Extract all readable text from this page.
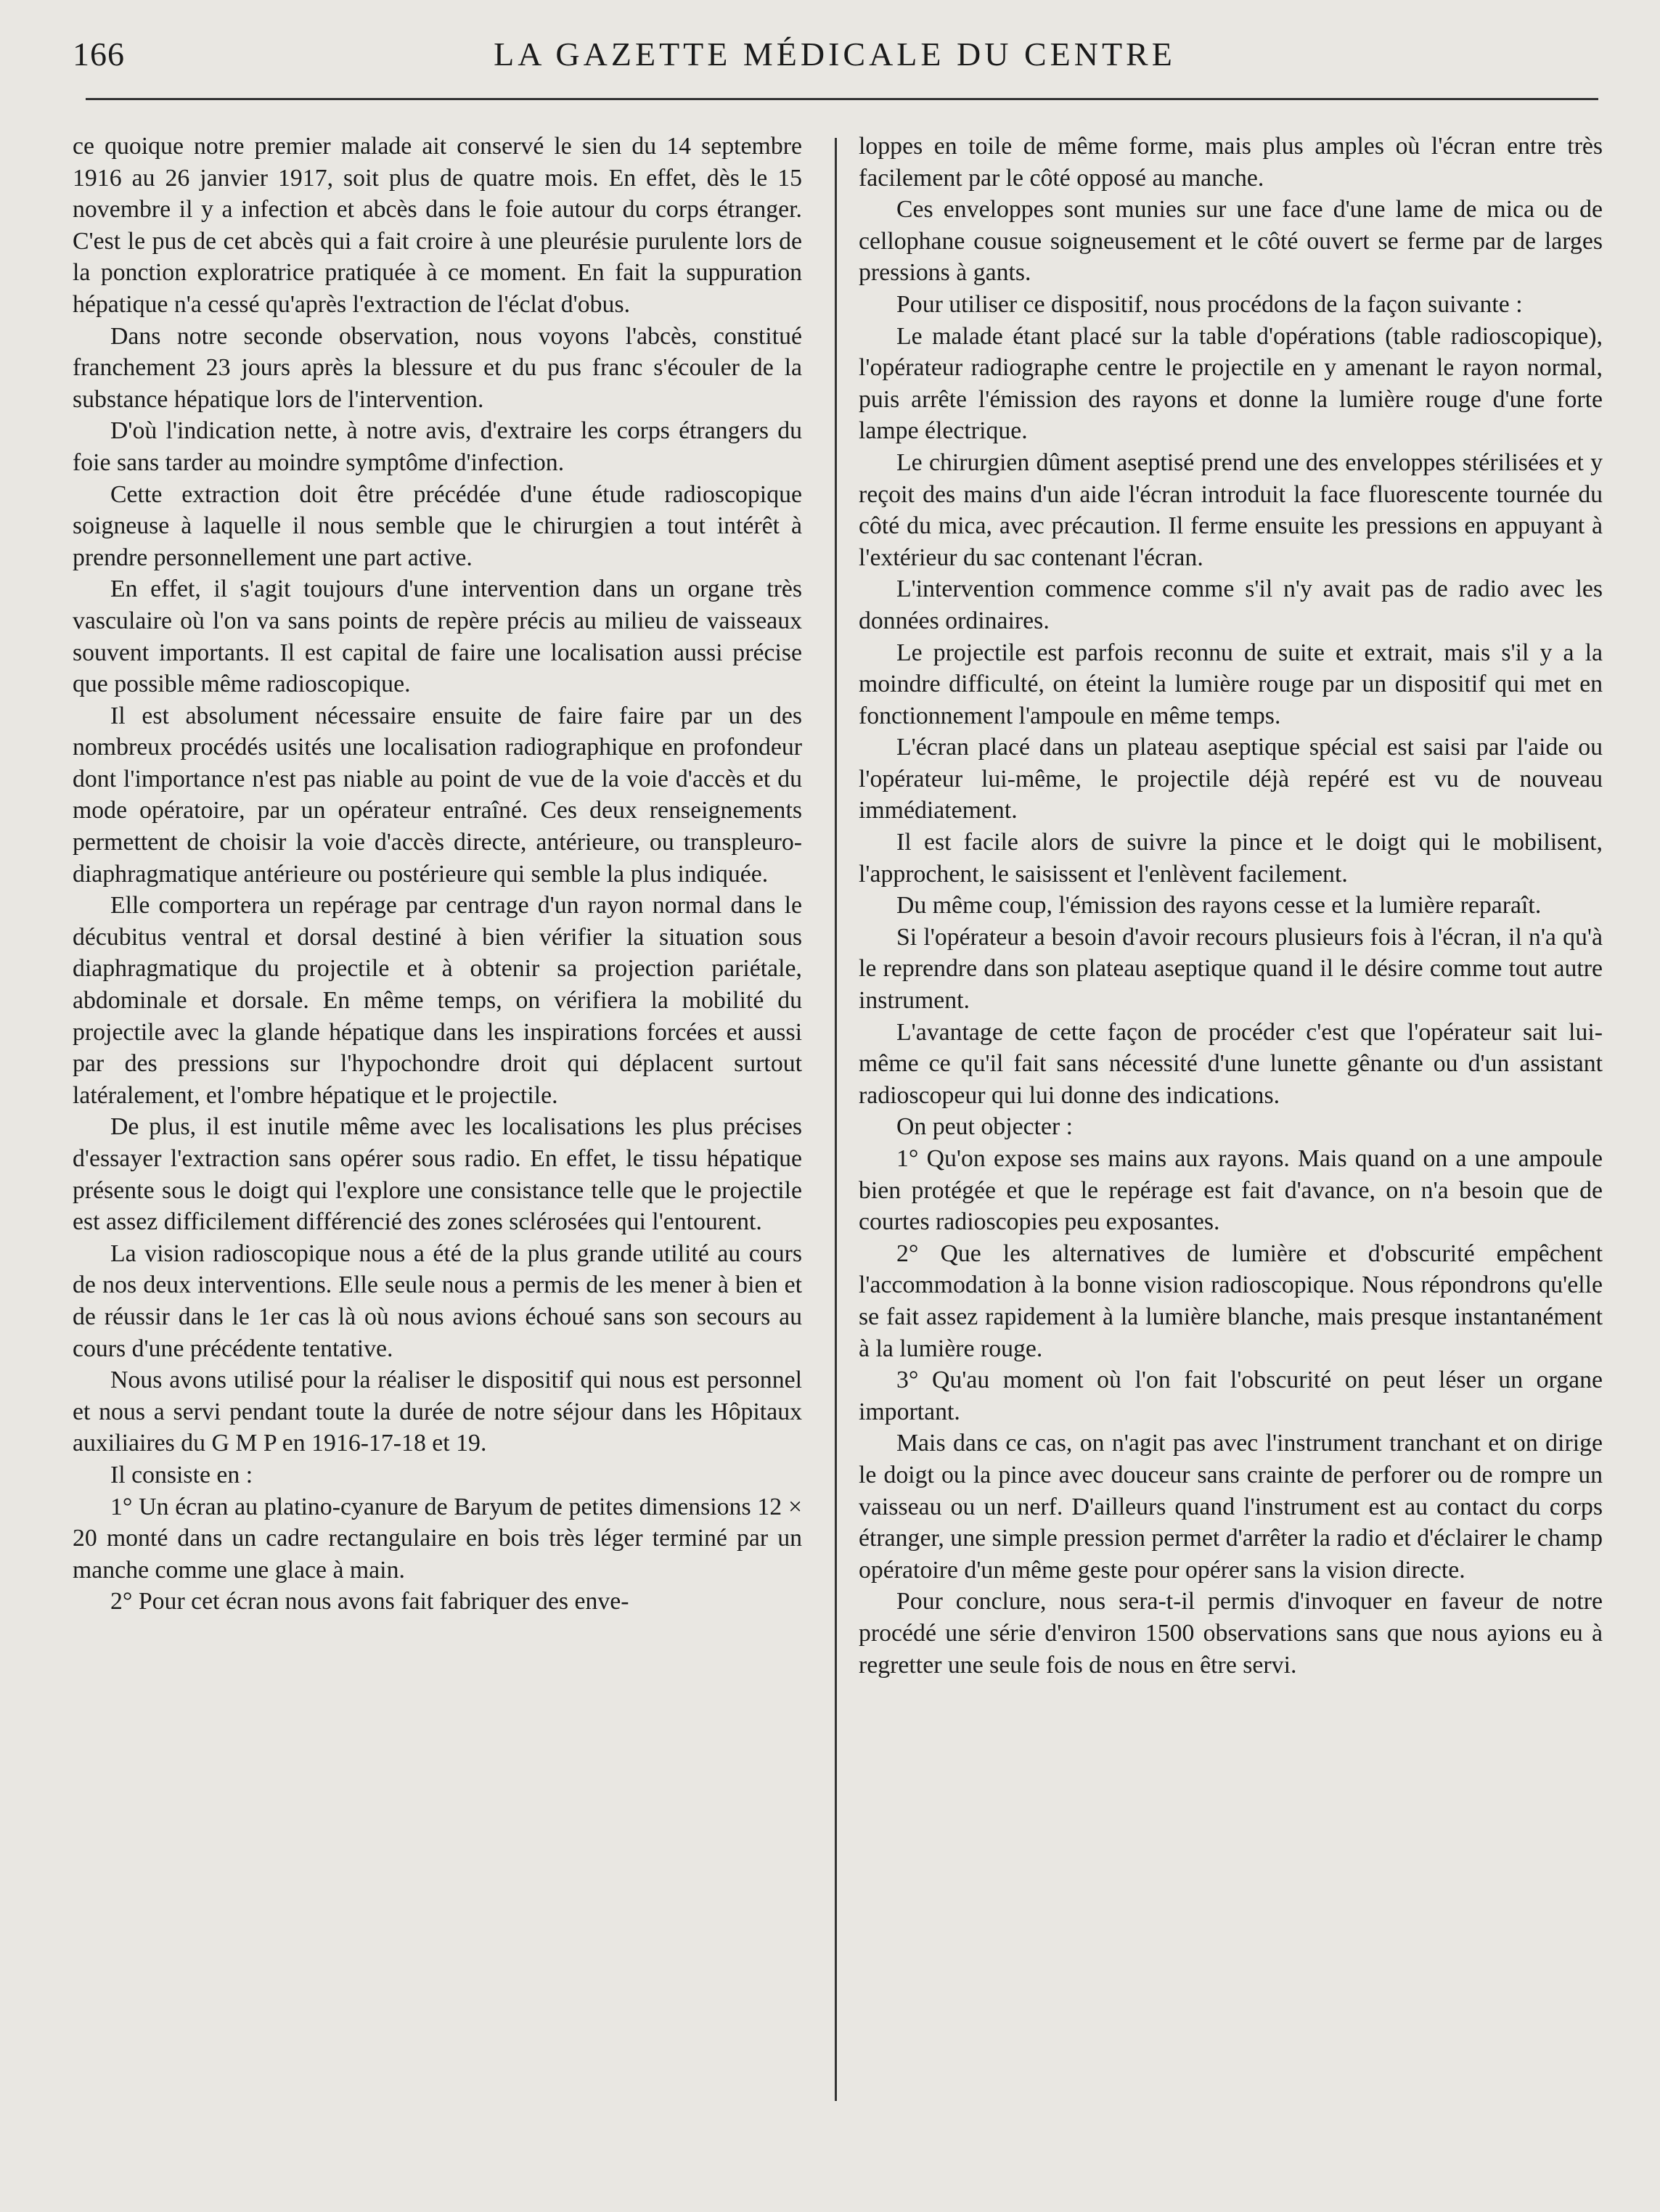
166	LA GAZETTE MÉDICALE DU CENTRE

ce quoique notre premier malade ait conservé le sien du 14 septembre 1916 au 26 janvier 1917, soit plus de quatre mois. En effet, dès le 15 novembre il y a infection et abcès dans le foie autour du corps étranger. C'est le pus de cet abcès qui a fait croire à une pleurésie purulente lors de la ponction exploratrice pratiquée à ce moment. En fait la suppuration hépatique n'a cessé qu'après l'extraction de l'éclat d'obus.

Dans notre seconde observation, nous voyons l'abcès, constitué franchement 23 jours après la blessure et du pus franc s'écouler de la substance hépatique lors de l'intervention.

D'où l'indication nette, à notre avis, d'extraire les corps étrangers du foie sans tarder au moindre symptôme d'infection.

Cette extraction doit être précédée d'une étude radioscopique soigneuse à laquelle il nous semble que le chirurgien a tout intérêt à prendre personnellement une part active.

En effet, il s'agit toujours d'une intervention dans un organe très vasculaire où l'on va sans points de repère précis au milieu de vaisseaux souvent importants. Il est capital de faire une localisation aussi précise que possible même radioscopique.

Il est absolument nécessaire ensuite de faire faire par un des nombreux procédés usités une localisation radiographique en profondeur dont l'importance n'est pas niable au point de vue de la voie d'accès et du mode opératoire, par un opérateur entraîné. Ces deux renseignements permettent de choisir la voie d'accès directe, antérieure, ou transpleuro-diaphragmatique antérieure ou postérieure qui semble la plus indiquée.

Elle comportera un repérage par centrage d'un rayon normal dans le décubitus ventral et dorsal destiné à bien vérifier la situation sous diaphragmatique du projectile et à obtenir sa projection pariétale, abdominale et dorsale. En même temps, on vérifiera la mobilité du projectile avec la glande hépatique dans les inspirations forcées et aussi par des pressions sur l'hypochondre droit qui déplacent surtout latéralement, et l'ombre hépatique et le projectile.

De plus, il est inutile même avec les localisations les plus précises d'essayer l'extraction sans opérer sous radio. En effet, le tissu hépatique présente sous le doigt qui l'explore une consistance telle que le projectile est assez difficilement différencié des zones sclérosées qui l'entourent.

La vision radioscopique nous a été de la plus grande utilité au cours de nos deux interventions. Elle seule nous a permis de les mener à bien et de réussir dans le 1er cas là où nous avions échoué sans son secours au cours d'une précédente tentative.

Nous avons utilisé pour la réaliser le dispositif qui nous est personnel et nous a servi pendant toute la durée de notre séjour dans les Hôpitaux auxiliaires du G M P en 1916-17-18 et 19.

Il consiste en :

1° Un écran au platino-cyanure de Baryum de petites dimensions 12 × 20 monté dans un cadre rectangulaire en bois très léger terminé par un manche comme une glace à main.

2° Pour cet écran nous avons fait fabriquer des enve-

loppes en toile de même forme, mais plus amples où l'écran entre très facilement par le côté opposé au manche.

Ces enveloppes sont munies sur une face d'une lame de mica ou de cellophane cousue soigneusement et le côté ouvert se ferme par de larges pressions à gants.

Pour utiliser ce dispositif, nous procédons de la façon suivante :

Le malade étant placé sur la table d'opérations (table radioscopique), l'opérateur radiographe centre le projectile en y amenant le rayon normal, puis arrête l'émission des rayons et donne la lumière rouge d'une forte lampe électrique.

Le chirurgien dûment aseptisé prend une des enveloppes stérilisées et y reçoit des mains d'un aide l'écran introduit la face fluorescente tournée du côté du mica, avec précaution. Il ferme ensuite les pressions en appuyant à l'extérieur du sac contenant l'écran.

L'intervention commence comme s'il n'y avait pas de radio avec les données ordinaires.

Le projectile est parfois reconnu de suite et extrait, mais s'il y a la moindre difficulté, on éteint la lumière rouge par un dispositif qui met en fonctionnement l'ampoule en même temps.

L'écran placé dans un plateau aseptique spécial est saisi par l'aide ou l'opérateur lui-même, le projectile déjà repéré est vu de nouveau immédiatement.

Il est facile alors de suivre la pince et le doigt qui le mobilisent, l'approchent, le saisissent et l'enlèvent facilement.

Du même coup, l'émission des rayons cesse et la lumière reparaît.

Si l'opérateur a besoin d'avoir recours plusieurs fois à l'écran, il n'a qu'à le reprendre dans son plateau aseptique quand il le désire comme tout autre instrument.

L'avantage de cette façon de procéder c'est que l'opérateur sait lui-même ce qu'il fait sans nécessité d'une lunette gênante ou d'un assistant radioscopeur qui lui donne des indications.

On peut objecter :

1° Qu'on expose ses mains aux rayons. Mais quand on a une ampoule bien protégée et que le repérage est fait d'avance, on n'a besoin que de courtes radioscopies peu exposantes.

2° Que les alternatives de lumière et d'obscurité empêchent l'accommodation à la bonne vision radioscopique. Nous répondrons qu'elle se fait assez rapidement à la lumière blanche, mais presque instantanément à la lumière rouge.

3° Qu'au moment où l'on fait l'obscurité on peut léser un organe important.

Mais dans ce cas, on n'agit pas avec l'instrument tranchant et on dirige le doigt ou la pince avec douceur sans crainte de perforer ou de rompre un vaisseau ou un nerf. D'ailleurs quand l'instrument est au contact du corps étranger, une simple pression permet d'arrêter la radio et d'éclairer le champ opératoire d'un même geste pour opérer sans la vision directe.

Pour conclure, nous sera-t-il permis d'invoquer en faveur de notre procédé une série d'environ 1500 observations sans que nous ayions eu à regretter une seule fois de nous en être servi.
